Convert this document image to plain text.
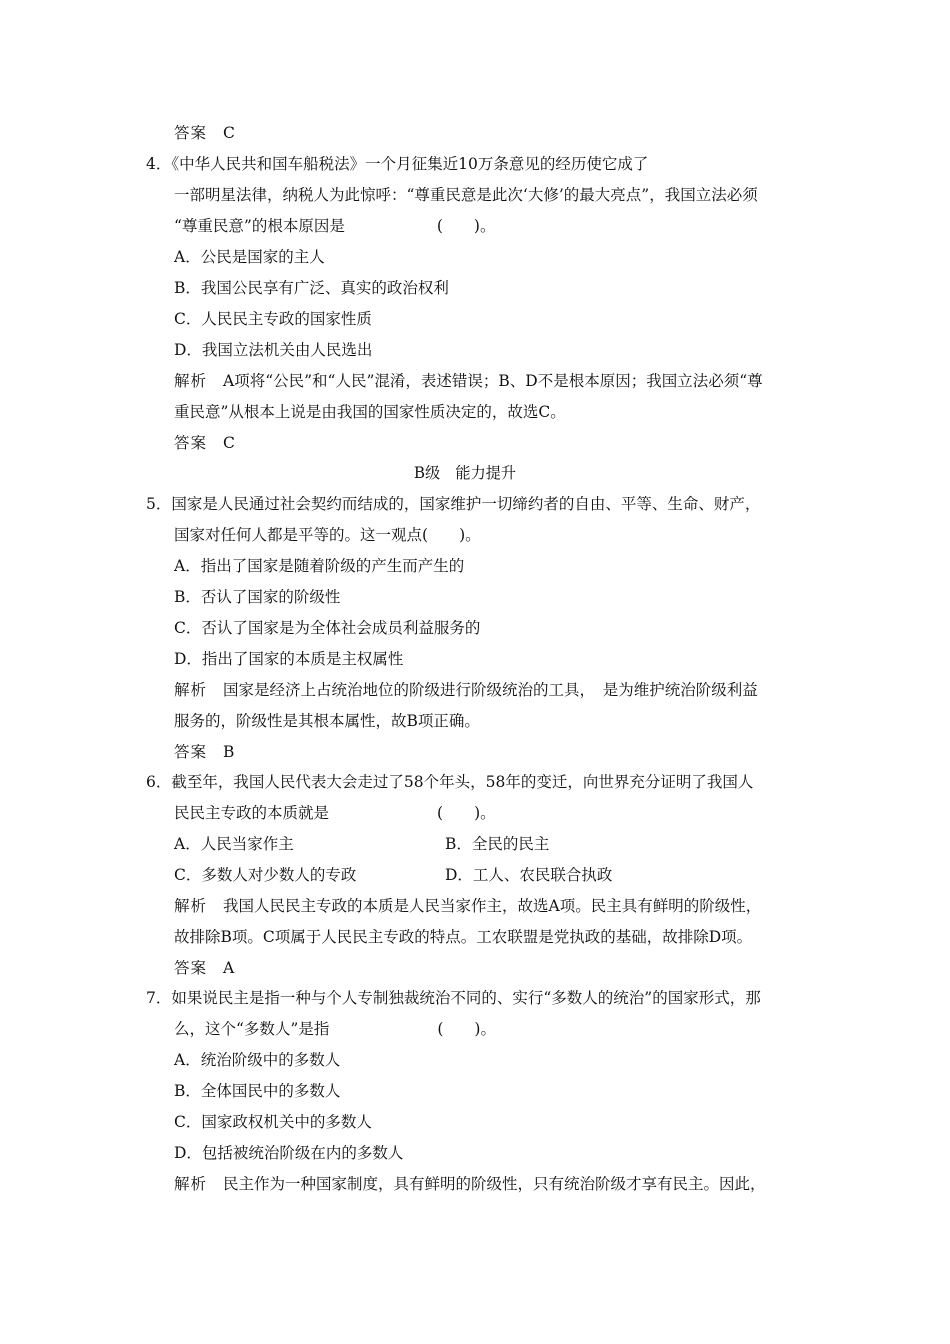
答案 C
4．《中华人民共和国车船税法》一个月征集近10万条意见的经历使它成了
一部明星法律，纳税人为此惊呼：“尊重民意是此次‘大修’的最大亮点”，我国立法必须
“尊重民意”的根本原因是	(　　)。
A．公民是国家的主人
B．我国公民享有广泛、真实的政治权利
C．人民民主专政的国家性质
D．我国立法机关由人民选出
解析 A项将“公民”和“人民”混淆，表述错误；B、D不是根本原因；我国立法必须“尊
重民意”从根本上说是由我国的国家性质决定的，故选C。
答案 C
B级　能力提升
5．国家是人民通过社会契约而结成的，国家维护一切缔约者的自由、平等、生命、财产，
国家对任何人都是平等的。这一观点(　　)。
A．指出了国家是随着阶级的产生而产生的
B．否认了国家的阶级性
C．否认了国家是为全体社会成员利益服务的
D．指出了国家的本质是主权属性
解析 国家是经济上占统治地位的阶级进行阶级统治的工具，　是为维护统治阶级利益
服务的，阶级性是其根本属性，故B项正确。
答案 B
6．截至年，我国人民代表大会走过了58个年头，58年的变迁，向世界充分证明了我国人
民民主专政的本质就是	(　　)。
A．人民当家作主	B．全民的民主
C．多数人对少数人的专政	D．工人、农民联合执政
解析 我国人民民主专政的本质是人民当家作主，故选A项。民主具有鲜明的阶级性，
故排除B项。C项属于人民民主专政的特点。工农联盟是党执政的基础，故排除D项。
答案 A
7．如果说民主是指一种与个人专制独裁统治不同的、实行“多数人的统治”的国家形式，那
么，这个“多数人”是指	(　　)。
A．统治阶级中的多数人
B．全体国民中的多数人
C．国家政权机关中的多数人
D．包括被统治阶级在内的多数人
解析 民主作为一种国家制度，具有鲜明的阶级性，只有统治阶级才享有民主。因此，
